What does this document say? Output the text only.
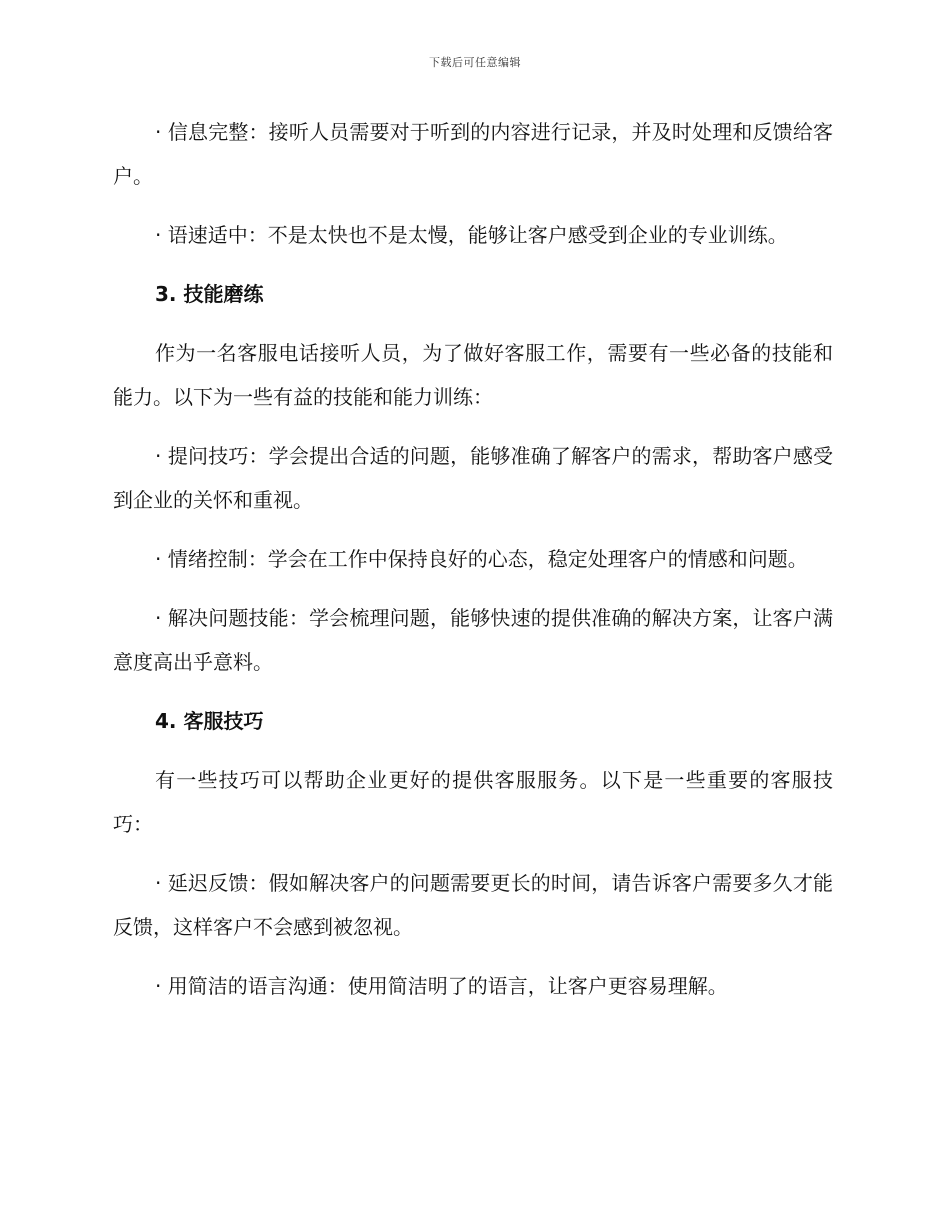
下载后可任意编辑

· 信息完整：接听人员需要对于听到的内容进行记录，并及时处理和反馈给客户。

· 语速适中：不是太快也不是太慢，能够让客户感受到企业的专业训练。

3. 技能磨练

作为一名客服电话接听人员，为了做好客服工作，需要有一些必备的技能和能力。以下为一些有益的技能和能力训练：

· 提问技巧：学会提出合适的问题，能够准确了解客户的需求，帮助客户感受到企业的关怀和重视。

· 情绪控制：学会在工作中保持良好的心态，稳定处理客户的情感和问题。

· 解决问题技能：学会梳理问题，能够快速的提供准确的解决方案，让客户满意度高出乎意料。

4. 客服技巧

有一些技巧可以帮助企业更好的提供客服服务。以下是一些重要的客服技巧：

· 延迟反馈：假如解决客户的问题需要更长的时间，请告诉客户需要多久才能反馈，这样客户不会感到被忽视。

· 用简洁的语言沟通：使用简洁明了的语言，让客户更容易理解。
